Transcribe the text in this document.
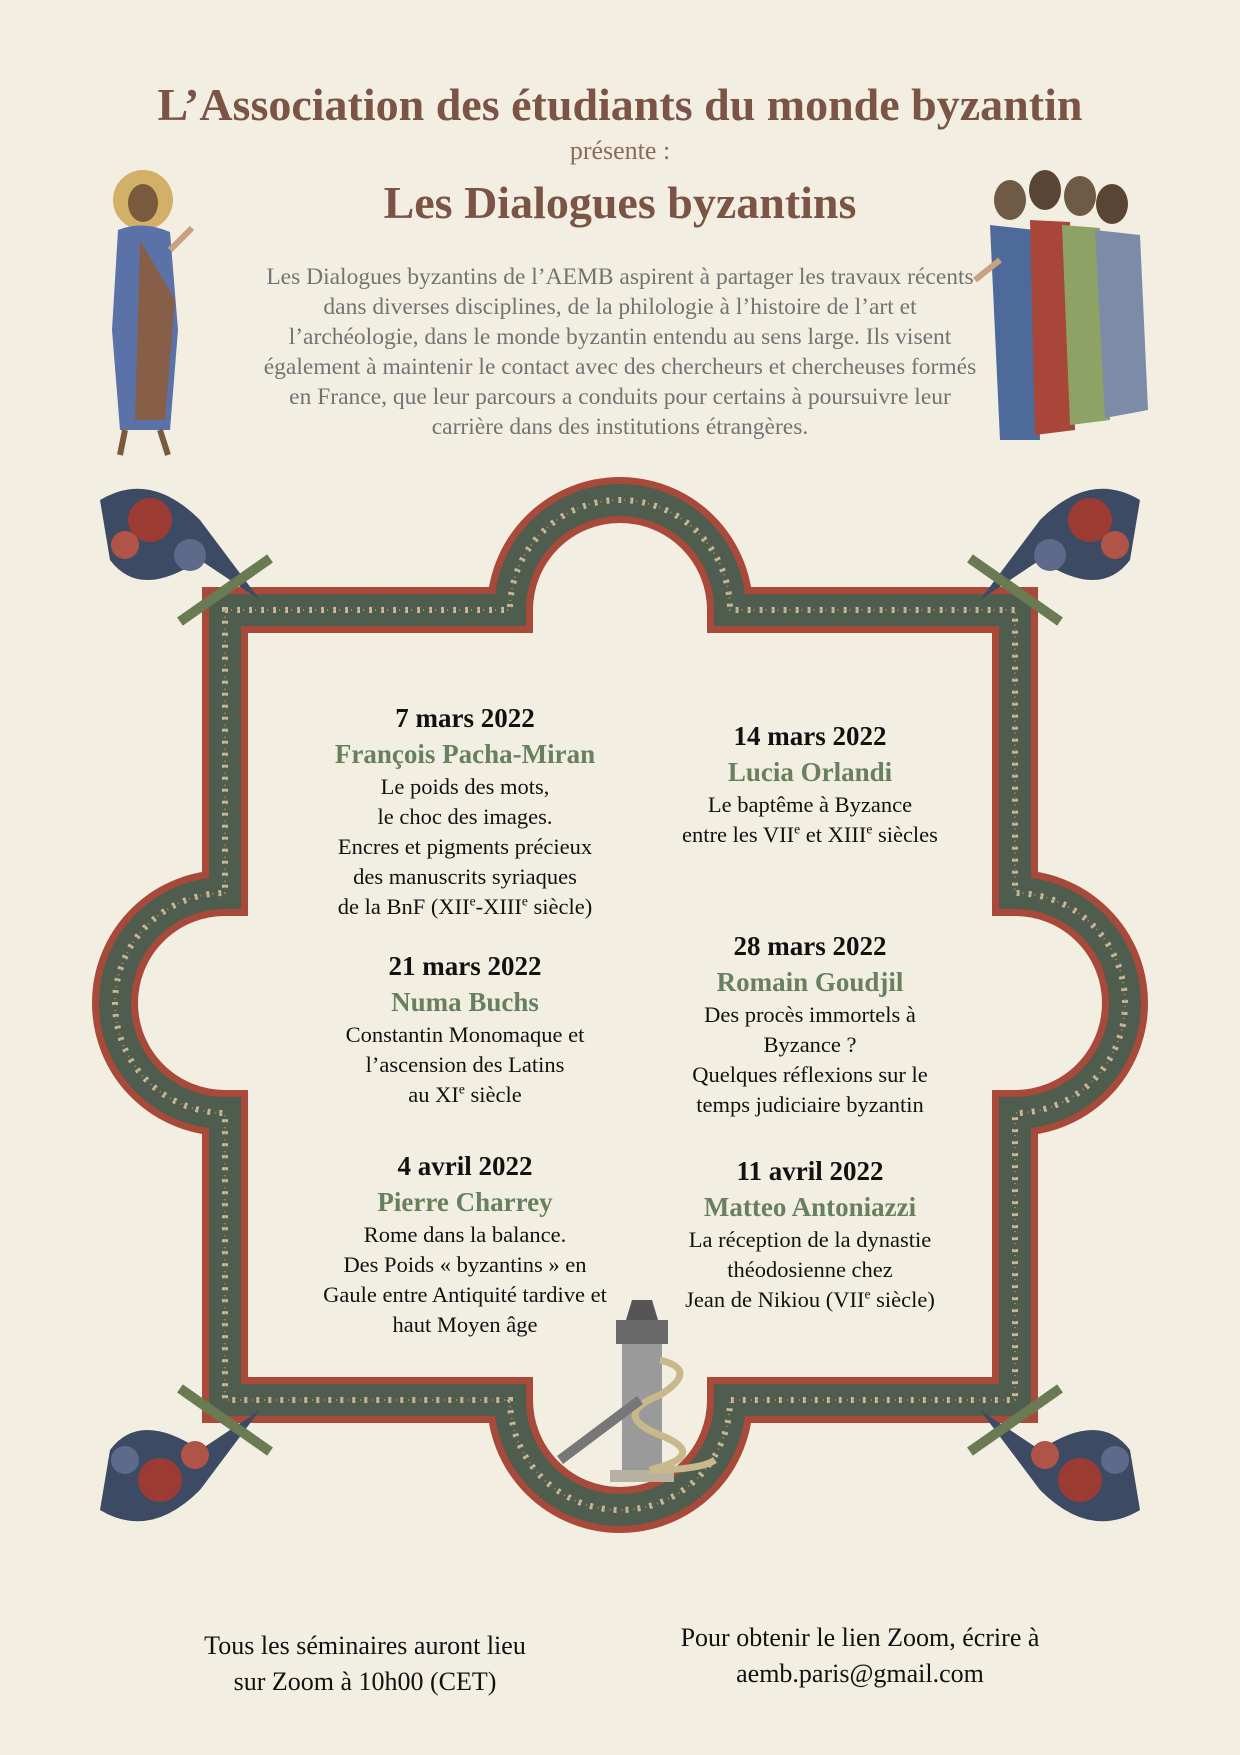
L’Association des étudiants du monde byzantin
présente :
Les Dialogues byzantins
Les Dialogues byzantins de l’AEMB aspirent à partager les travaux récents
dans diverses disciplines, de la philologie à l’histoire de l’art et
l’archéologie, dans le monde byzantin entendu au sens large. Ils visent
également à maintenir le contact avec des chercheurs et chercheuses formés
en France, que leur parcours a conduits pour certains à poursuivre leur
carrière dans des institutions étrangères.
7 mars 2022
François Pacha-Miran
Le poids des mots,
le choc des images.
Encres et pigments précieux
des manuscrits syriaques
de la BnF (XIIe-XIIIe siècle)
14 mars 2022
Lucia Orlandi
Le baptême à Byzance
entre les VIIe et XIIIe siècles
21 mars 2022
Numa Buchs
Constantin Monomaque et
l’ascension des Latins
au XIe siècle
28 mars 2022
Romain Goudjil
Des procès immortels à
Byzance ?
Quelques réflexions sur le
temps judiciaire byzantin
4 avril 2022
Pierre Charrey
Rome dans la balance.
Des Poids « byzantins » en
Gaule entre Antiquité tardive et
haut Moyen âge
11 avril 2022
Matteo Antoniazzi
La réception de la dynastie
théodosienne chez
Jean de Nikiou (VIIe siècle)
Tous les séminaires auront lieu
sur Zoom à 10h00 (CET)
Pour obtenir le lien Zoom, écrire à
aemb.paris@gmail.com
